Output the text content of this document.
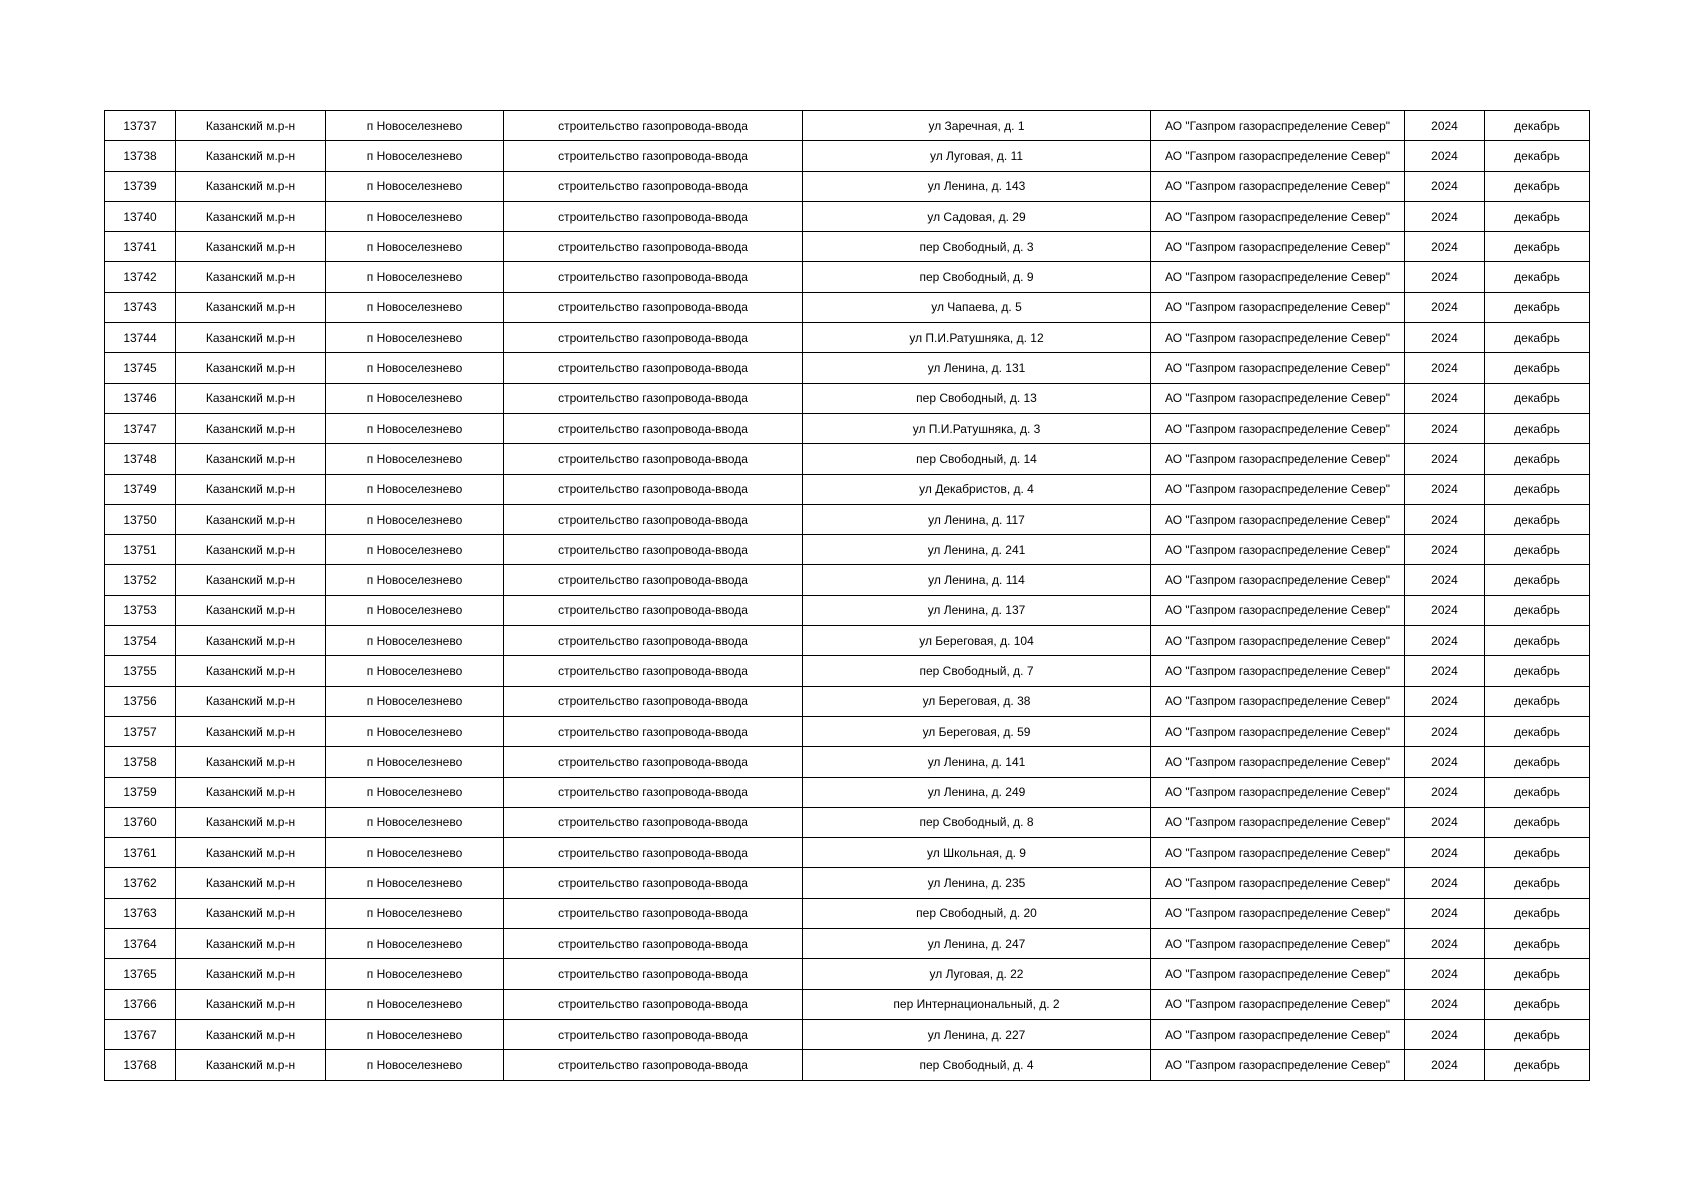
13737	Казанский м.р-н	п Новоселезнево	строительство газопровода-ввода	ул Заречная, д. 1	АО "Газпром газораспределение Север"	2024	декабрь
13738	Казанский м.р-н	п Новоселезнево	строительство газопровода-ввода	ул Луговая, д. 11	АО "Газпром газораспределение Север"	2024	декабрь
13739	Казанский м.р-н	п Новоселезнево	строительство газопровода-ввода	ул Ленина, д. 143	АО "Газпром газораспределение Север"	2024	декабрь
13740	Казанский м.р-н	п Новоселезнево	строительство газопровода-ввода	ул Садовая, д. 29	АО "Газпром газораспределение Север"	2024	декабрь
13741	Казанский м.р-н	п Новоселезнево	строительство газопровода-ввода	пер Свободный, д. 3	АО "Газпром газораспределение Север"	2024	декабрь
13742	Казанский м.р-н	п Новоселезнево	строительство газопровода-ввода	пер Свободный, д. 9	АО "Газпром газораспределение Север"	2024	декабрь
13743	Казанский м.р-н	п Новоселезнево	строительство газопровода-ввода	ул Чапаева, д. 5	АО "Газпром газораспределение Север"	2024	декабрь
13744	Казанский м.р-н	п Новоселезнево	строительство газопровода-ввода	ул П.И.Ратушняка, д. 12	АО "Газпром газораспределение Север"	2024	декабрь
13745	Казанский м.р-н	п Новоселезнево	строительство газопровода-ввода	ул Ленина, д. 131	АО "Газпром газораспределение Север"	2024	декабрь
13746	Казанский м.р-н	п Новоселезнево	строительство газопровода-ввода	пер Свободный, д. 13	АО "Газпром газораспределение Север"	2024	декабрь
13747	Казанский м.р-н	п Новоселезнево	строительство газопровода-ввода	ул П.И.Ратушняка, д. 3	АО "Газпром газораспределение Север"	2024	декабрь
13748	Казанский м.р-н	п Новоселезнево	строительство газопровода-ввода	пер Свободный, д. 14	АО "Газпром газораспределение Север"	2024	декабрь
13749	Казанский м.р-н	п Новоселезнево	строительство газопровода-ввода	ул Декабристов, д. 4	АО "Газпром газораспределение Север"	2024	декабрь
13750	Казанский м.р-н	п Новоселезнево	строительство газопровода-ввода	ул Ленина, д. 117	АО "Газпром газораспределение Север"	2024	декабрь
13751	Казанский м.р-н	п Новоселезнево	строительство газопровода-ввода	ул Ленина, д. 241	АО "Газпром газораспределение Север"	2024	декабрь
13752	Казанский м.р-н	п Новоселезнево	строительство газопровода-ввода	ул Ленина, д. 114	АО "Газпром газораспределение Север"	2024	декабрь
13753	Казанский м.р-н	п Новоселезнево	строительство газопровода-ввода	ул Ленина, д. 137	АО "Газпром газораспределение Север"	2024	декабрь
13754	Казанский м.р-н	п Новоселезнево	строительство газопровода-ввода	ул Береговая, д. 104	АО "Газпром газораспределение Север"	2024	декабрь
13755	Казанский м.р-н	п Новоселезнево	строительство газопровода-ввода	пер Свободный, д. 7	АО "Газпром газораспределение Север"	2024	декабрь
13756	Казанский м.р-н	п Новоселезнево	строительство газопровода-ввода	ул Береговая, д. 38	АО "Газпром газораспределение Север"	2024	декабрь
13757	Казанский м.р-н	п Новоселезнево	строительство газопровода-ввода	ул Береговая, д. 59	АО "Газпром газораспределение Север"	2024	декабрь
13758	Казанский м.р-н	п Новоселезнево	строительство газопровода-ввода	ул Ленина, д. 141	АО "Газпром газораспределение Север"	2024	декабрь
13759	Казанский м.р-н	п Новоселезнево	строительство газопровода-ввода	ул Ленина, д. 249	АО "Газпром газораспределение Север"	2024	декабрь
13760	Казанский м.р-н	п Новоселезнево	строительство газопровода-ввода	пер Свободный, д. 8	АО "Газпром газораспределение Север"	2024	декабрь
13761	Казанский м.р-н	п Новоселезнево	строительство газопровода-ввода	ул Школьная, д. 9	АО "Газпром газораспределение Север"	2024	декабрь
13762	Казанский м.р-н	п Новоселезнево	строительство газопровода-ввода	ул Ленина, д. 235	АО "Газпром газораспределение Север"	2024	декабрь
13763	Казанский м.р-н	п Новоселезнево	строительство газопровода-ввода	пер Свободный, д. 20	АО "Газпром газораспределение Север"	2024	декабрь
13764	Казанский м.р-н	п Новоселезнево	строительство газопровода-ввода	ул Ленина, д. 247	АО "Газпром газораспределение Север"	2024	декабрь
13765	Казанский м.р-н	п Новоселезнево	строительство газопровода-ввода	ул Луговая, д. 22	АО "Газпром газораспределение Север"	2024	декабрь
13766	Казанский м.р-н	п Новоселезнево	строительство газопровода-ввода	пер Интернациональный, д. 2	АО "Газпром газораспределение Север"	2024	декабрь
13767	Казанский м.р-н	п Новоселезнево	строительство газопровода-ввода	ул Ленина, д. 227	АО "Газпром газораспределение Север"	2024	декабрь
13768	Казанский м.р-н	п Новоселезнево	строительство газопровода-ввода	пер Свободный, д. 4	АО "Газпром газораспределение Север"	2024	декабрь
